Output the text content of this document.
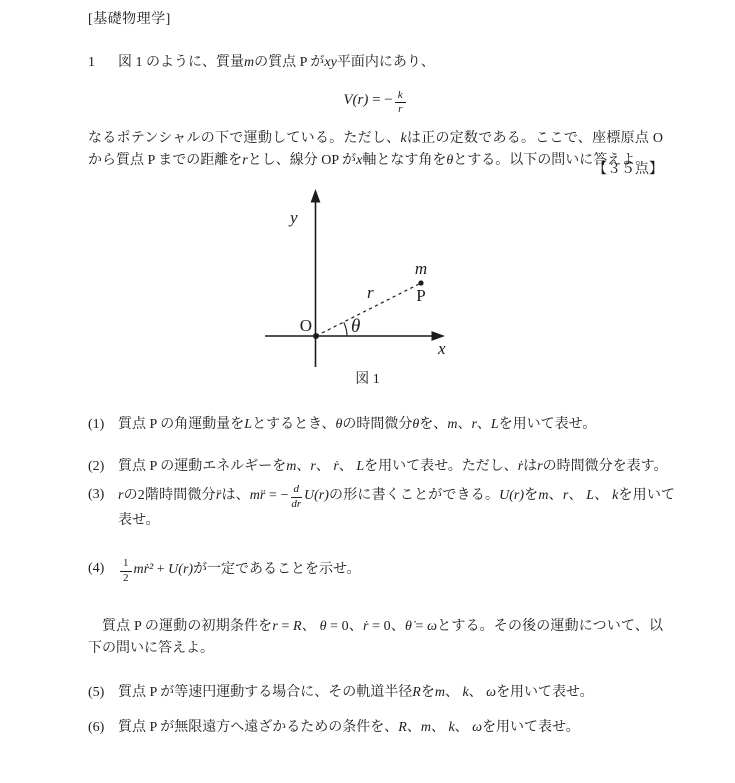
[基礎物理学]
1 図 1 のように、質量mの質点 P がxy平面内にあり、
V(r) = − $\frac{k}{r}$
なるポテンシャルの下で運動している。ただし、kは正の定数である。ここで、座標原点 O から質点 P までの距離をrとし、線分 OP がx軸となす角をθとする。以下の問いに答えよ。
【３５点】
y
x
O
m
P
r
θ
図 1
(1) 質点 P の角運動量をLとするとき、θの時間微分θ̇を、m、r、Lを用いて表せ。
(2) 質点 P の運動エネルギーをm、r、 ṙ、 Lを用いて表せ。ただし、ṙはrの時間微分を表す。
(3) rの2階時間微分r̈は、mr̈ = − $\frac{d}{dr} U(r)$の形に書くことができる。U(r)をm、r、 L、 kを用いて表せ。
(4)	$\frac{1}{2}$ mṙ² + U(r)が一定であることを示せ。
質点 P の運動の初期条件をr = R、 θ = 0、ṙ = 0、θ̇ = ωとする。その後の運動について、以下の問いに答えよ。
(5) 質点 P が等速円運動する場合に、その軌道半径Rをm、 k、 ωを用いて表せ。
(6) 質点 P が無限遠方へ遠ざかるための条件を、R、m、 k、 ωを用いて表せ。
